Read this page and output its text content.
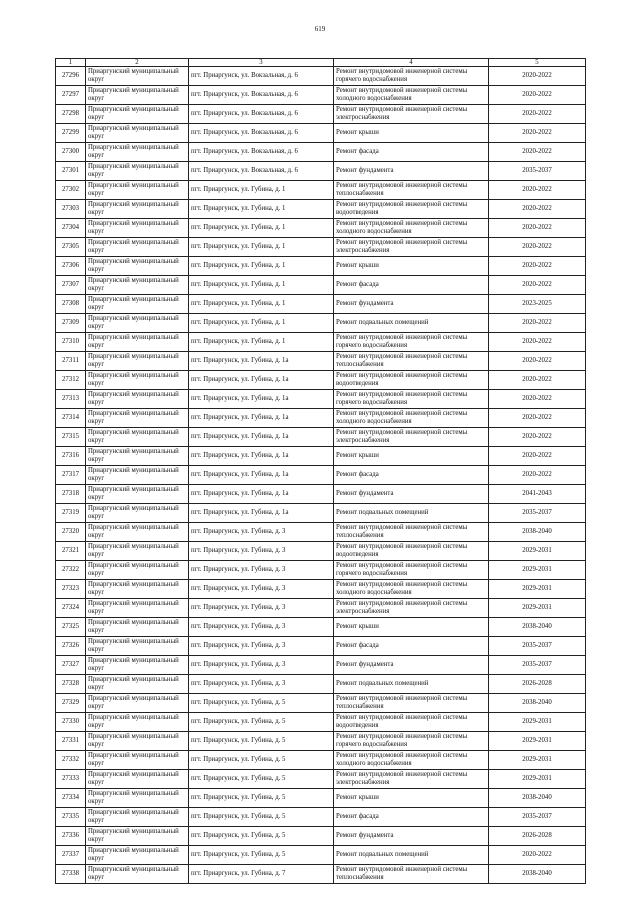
619
1	2	3	4	5
27296	Приаргунский муниципальный округ	пгт. Приаргунск, ул. Вокзальная, д. 6	Ремонт внутридомовой инженерной системы горячего водоснабжения	2020-2022
27297	Приаргунский муниципальный округ	пгт. Приаргунск, ул. Вокзальная, д. 6	Ремонт внутридомовой инженерной системы холодного водоснабжения	2020-2022
27298	Приаргунский муниципальный округ	пгт. Приаргунск, ул. Вокзальная, д. 6	Ремонт внутридомовой инженерной системы электроснабжения	2020-2022
27299	Приаргунский муниципальный округ	пгт. Приаргунск, ул. Вокзальная, д. 6	Ремонт крыши	2020-2022
27300	Приаргунский муниципальный округ	пгт. Приаргунск, ул. Вокзальная, д. 6	Ремонт фасада	2020-2022
27301	Приаргунский муниципальный округ	пгт. Приаргунск, ул. Вокзальная, д. 6	Ремонт фундамента	2035-2037
27302	Приаргунский муниципальный округ	пгт. Приаргунск, ул. Губина, д. 1	Ремонт внутридомовой инженерной системы теплоснабжения	2020-2022
27303	Приаргунский муниципальный округ	пгт. Приаргунск, ул. Губина, д. 1	Ремонт внутридомовой инженерной системы водоотведения	2020-2022
27304	Приаргунский муниципальный округ	пгт. Приаргунск, ул. Губина, д. 1	Ремонт внутридомовой инженерной системы холодного водоснабжения	2020-2022
27305	Приаргунский муниципальный округ	пгт. Приаргунск, ул. Губина, д. 1	Ремонт внутридомовой инженерной системы электроснабжения	2020-2022
27306	Приаргунский муниципальный округ	пгт. Приаргунск, ул. Губина, д. 1	Ремонт крыши	2020-2022
27307	Приаргунский муниципальный округ	пгт. Приаргунск, ул. Губина, д. 1	Ремонт фасада	2020-2022
27308	Приаргунский муниципальный округ	пгт. Приаргунск, ул. Губина, д. 1	Ремонт фундамента	2023-2025
27309	Приаргунский муниципальный округ	пгт. Приаргунск, ул. Губина, д. 1	Ремонт подвальных помещений	2020-2022
27310	Приаргунский муниципальный округ	пгт. Приаргунск, ул. Губина, д. 1	Ремонт внутридомовой инженерной системы горячего водоснабжения	2020-2022
27311	Приаргунский муниципальный округ	пгт. Приаргунск, ул. Губина, д. 1а	Ремонт внутридомовой инженерной системы теплоснабжения	2020-2022
27312	Приаргунский муниципальный округ	пгт. Приаргунск, ул. Губина, д. 1а	Ремонт внутридомовой инженерной системы водоотведения	2020-2022
27313	Приаргунский муниципальный округ	пгт. Приаргунск, ул. Губина, д. 1а	Ремонт внутридомовой инженерной системы горячего водоснабжения	2020-2022
27314	Приаргунский муниципальный округ	пгт. Приаргунск, ул. Губина, д. 1а	Ремонт внутридомовой инженерной системы холодного водоснабжения	2020-2022
27315	Приаргунский муниципальный округ	пгт. Приаргунск, ул. Губина, д. 1а	Ремонт внутридомовой инженерной системы электроснабжения	2020-2022
27316	Приаргунский муниципальный округ	пгт. Приаргунск, ул. Губина, д. 1а	Ремонт крыши	2020-2022
27317	Приаргунский муниципальный округ	пгт. Приаргунск, ул. Губина, д. 1а	Ремонт фасада	2020-2022
27318	Приаргунский муниципальный округ	пгт. Приаргунск, ул. Губина, д. 1а	Ремонт фундамента	2041-2043
27319	Приаргунский муниципальный округ	пгт. Приаргунск, ул. Губина, д. 1а	Ремонт подвальных помещений	2035-2037
27320	Приаргунский муниципальный округ	пгт. Приаргунск, ул. Губина, д. 3	Ремонт внутридомовой инженерной системы теплоснабжения	2038-2040
27321	Приаргунский муниципальный округ	пгт. Приаргунск, ул. Губина, д. 3	Ремонт внутридомовой инженерной системы водоотведения	2029-2031
27322	Приаргунский муниципальный округ	пгт. Приаргунск, ул. Губина, д. 3	Ремонт внутридомовой инженерной системы горячего водоснабжения	2029-2031
27323	Приаргунский муниципальный округ	пгт. Приаргунск, ул. Губина, д. 3	Ремонт внутридомовой инженерной системы холодного водоснабжения	2029-2031
27324	Приаргунский муниципальный округ	пгт. Приаргунск, ул. Губина, д. 3	Ремонт внутридомовой инженерной системы электроснабжения	2029-2031
27325	Приаргунский муниципальный округ	пгт. Приаргунск, ул. Губина, д. 3	Ремонт крыши	2038-2040
27326	Приаргунский муниципальный округ	пгт. Приаргунск, ул. Губина, д. 3	Ремонт фасада	2035-2037
27327	Приаргунский муниципальный округ	пгт. Приаргунск, ул. Губина, д. 3	Ремонт фундамента	2035-2037
27328	Приаргунский муниципальный округ	пгт. Приаргунск, ул. Губина, д. 3	Ремонт подвальных помещений	2026-2028
27329	Приаргунский муниципальный округ	пгт. Приаргунск, ул. Губина, д. 5	Ремонт внутридомовой инженерной системы теплоснабжения	2038-2040
27330	Приаргунский муниципальный округ	пгт. Приаргунск, ул. Губина, д. 5	Ремонт внутридомовой инженерной системы водоотведения	2029-2031
27331	Приаргунский муниципальный округ	пгт. Приаргунск, ул. Губина, д. 5	Ремонт внутридомовой инженерной системы горячего водоснабжения	2029-2031
27332	Приаргунский муниципальный округ	пгт. Приаргунск, ул. Губина, д. 5	Ремонт внутридомовой инженерной системы холодного водоснабжения	2029-2031
27333	Приаргунский муниципальный округ	пгт. Приаргунск, ул. Губина, д. 5	Ремонт внутридомовой инженерной системы электроснабжения	2029-2031
27334	Приаргунский муниципальный округ	пгт. Приаргунск, ул. Губина, д. 5	Ремонт крыши	2038-2040
27335	Приаргунский муниципальный округ	пгт. Приаргунск, ул. Губина, д. 5	Ремонт фасада	2035-2037
27336	Приаргунский муниципальный округ	пгт. Приаргунск, ул. Губина, д. 5	Ремонт фундамента	2026-2028
27337	Приаргунский муниципальный округ	пгт. Приаргунск, ул. Губина, д. 5	Ремонт подвальных помещений	2020-2022
27338	Приаргунский муниципальный округ	пгт. Приаргунск, ул. Губина, д. 7	Ремонт внутридомовой инженерной системы теплоснабжения	2038-2040
